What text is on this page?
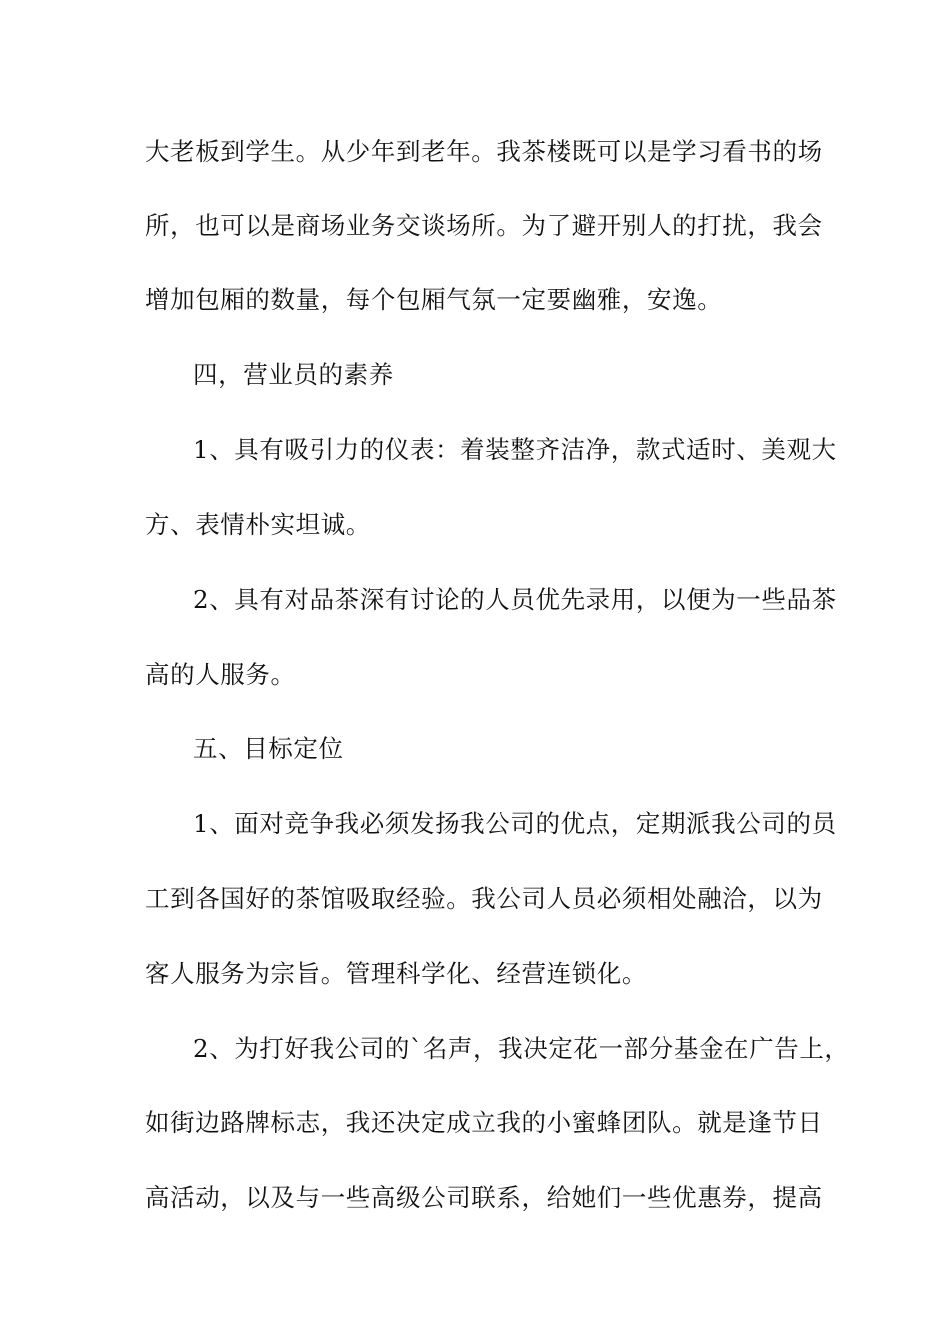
大老板到学生。从少年到老年。我茶楼既可以是学习看书的场
所，也可以是商场业务交谈场所。为了避开别人的打扰，我会
增加包厢的数量，每个包厢气氛一定要幽雅，安逸。
四，营业员的素养
1、具有吸引力的仪表：着装整齐洁净，款式适时、美观大
方、表情朴实坦诚。
2、具有对品茶深有讨论的人员优先录用，以便为一些品茶
高的人服务。
五、目标定位
1、面对竞争我必须发扬我公司的优点，定期派我公司的员
工到各国好的茶馆吸取经验。我公司人员必须相处融洽，以为
客人服务为宗旨。管理科学化、经营连锁化。
2、为打好我公司的`名声，我决定花一部分基金在广告上，
如街边路牌标志，我还决定成立我的小蜜蜂团队。就是逢节日
高活动，以及与一些高级公司联系，给她们一些优惠券，提高
